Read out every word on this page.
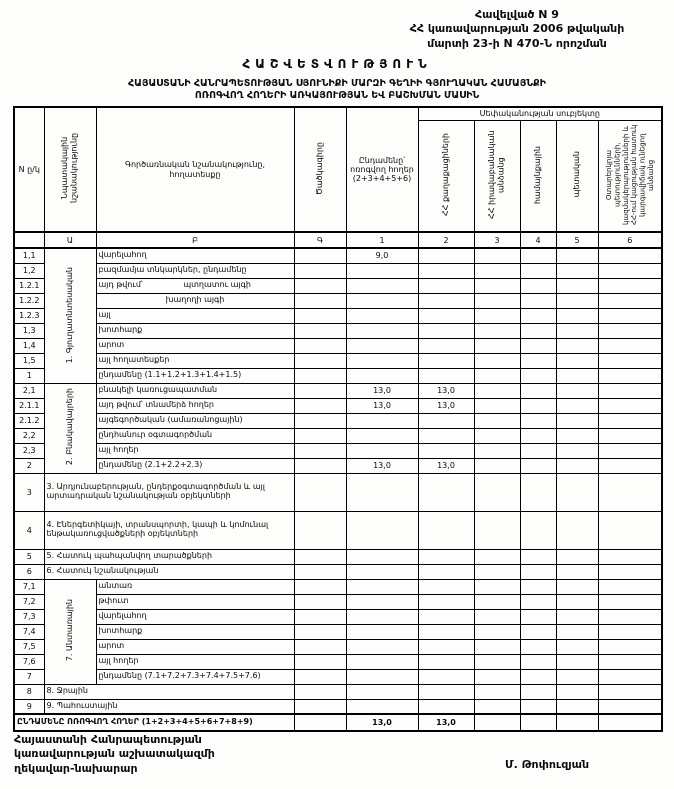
Հավելված N 9
ՀՀ կառավարության 2006 թվականի
մարտի 23-ի N 470-Ն որոշման
ՀԱՇՎԵՏՎՈՒԹՅՈՒՆ
ՀԱՅԱՍՏԱՆԻ ՀԱՆՐԱՊԵՏՈՒԹՅԱՆ ՍՅՈՒՆԻՔԻ ՄԱՐԶԻ ԳԵՂԻԻ ԳՅՈՒՂԱԿԱՆ ՀԱՄԱՅՆՔԻ
ՈՌՈԳՎՈՂ ՀՈՂԵՐԻ ԱՌԿԱՅՈՒԹՅԱՆ ԵՎ ԲԱՇԽՄԱՆ ՄԱՍԻՆ
N ը/կ	Նպատակային նշանակությունը	Գործառնական նշանակությունը, հողատեսքը	Ծածկագիրը	Ընդամենը՝ ոռոգվող հողեր (2+3+4+5+6)	Սեփականության սուբյեկտը				
					ՀՀ քաղաքացիների	ՀՀ իրավաբանական անձանց	համայնքային	պետական	Օտարերկրյա պետությունների, կազմակերպությունների և ՀՀ-ում կացության հատուկ կարգավիճակ ունեցող անձանց
	Ա	Բ	Գ	1	2	3	4	5	6
1,1	1. Գյուղատնտեսական	վարելահող		9,0					
1,2		բազմամյա տնկարկներ, ընդամենը							
1.2.1		այդ թվում՝ պտղատու այգի							

1.2.2		խաղողի այգի							

1.2.3		այլ							
1,3		խոտհարք							
1,4		արոտ							
1,5		այլ հողատեսքեր							
1		ընդամենը (1.1+1.2+1.3+1.4+1.5)							
2,1	2. Բնակավայրերի	բնակելի կառուցապատման		13,0	13,0				
2.1.1		այդ թվում՝ տնամերձ հողեր		13,0	13,0				
2.1.2		այգեգործական (ամառանոցային)							
2,2		ընդհանուր օգտագործման							
2,3		այլ հողեր							
2		ընդամենը (2.1+2.2+2.3)		13,0	13,0				
3	3. Արդյունաբերության, ընդերքօգտագործման և այլ արտադրական նշանակության օբյեկտների								
4	4. Էներգետիկայի, տրանսպորտի, կապի և կոմունալ ենթակառուցվածքների օբյեկտների								
5	5. Հատուկ պահպանվող տարածքների								
6	6. Հատուկ նշանակության								
7,1	7. Անտառային	անտառ							
7,2		թփուտ							
7,3		վարելահող							
7,4		խոտհարք							
7,5		արոտ							
7,6		այլ հողեր							
7		ընդամենը (7.1+7.2+7.3+7.4+7.5+7.6)							
8	8. Ջրային								
9	9. Պահուստային								
ԸՆԴԱՄԵՆԸ ՈՌՈԳՎՈՂ ՀՈՂԵՐ (1+2+3+4+5+6+7+8+9)				13,0	13,0				
Հայաստանի Հանրապետության
կառավարության աշխատակազմի
ղեկավար-նախարար	Մ. Թոփուզյան
